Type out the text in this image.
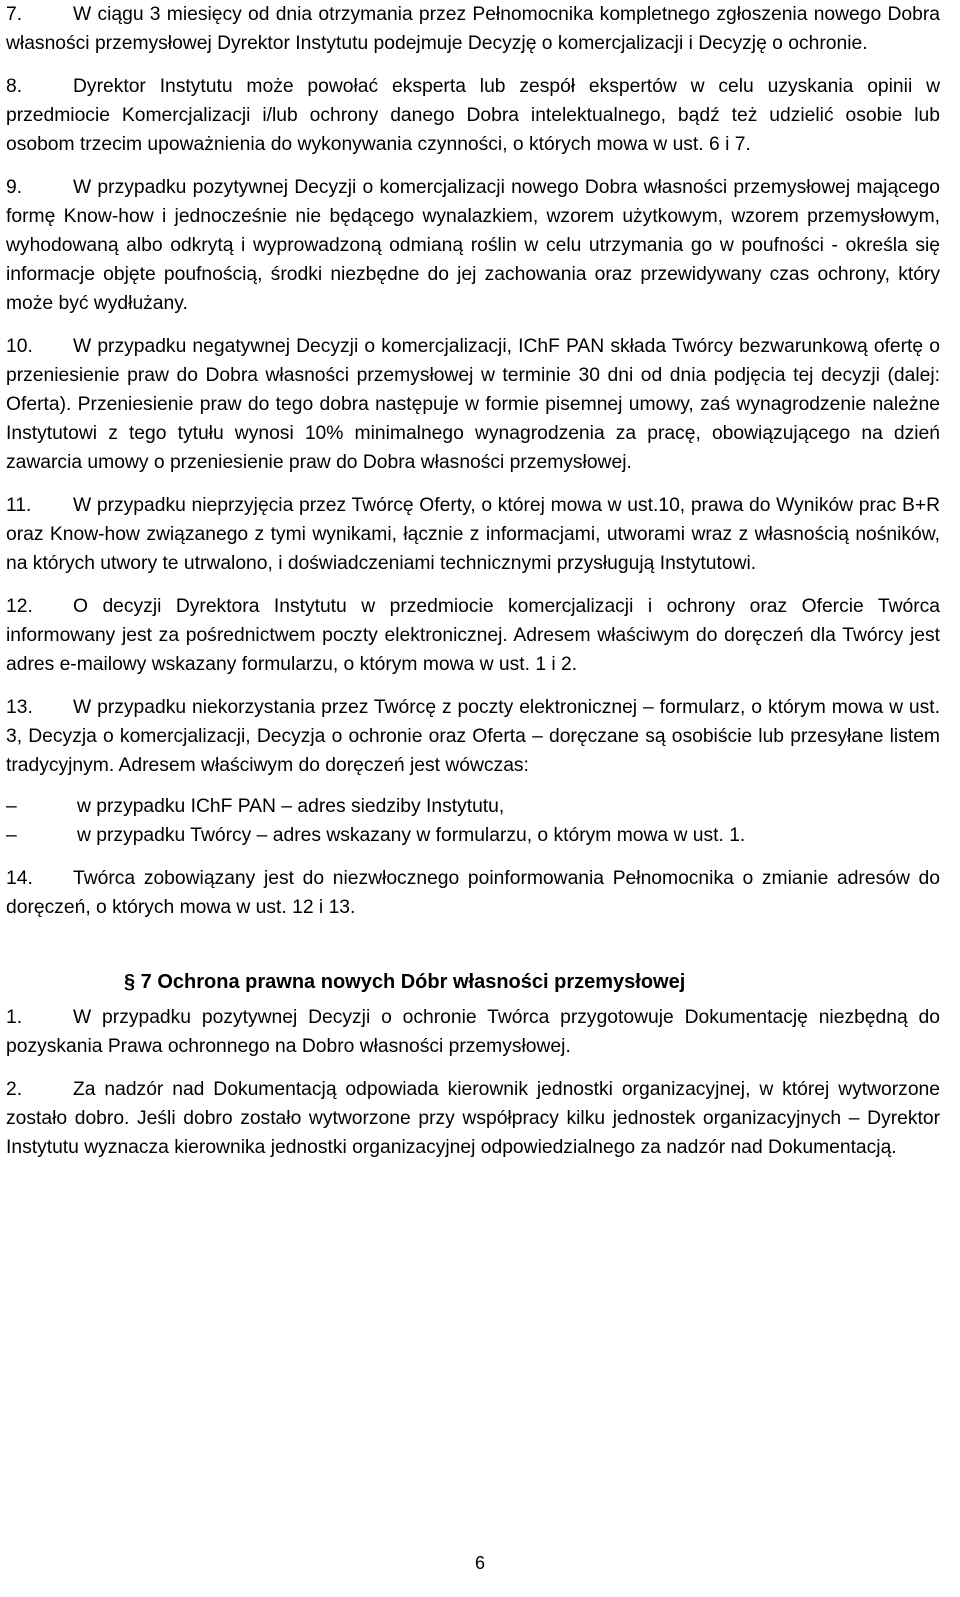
7.	W ciągu 3 miesięcy od dnia otrzymania przez Pełnomocnika kompletnego zgłoszenia nowego Dobra własności przemysłowej Dyrektor Instytutu podejmuje Decyzję o komercjalizacji i Decyzję o ochronie.

8.	Dyrektor Instytutu może powołać eksperta lub zespół ekspertów w celu uzyskania opinii w przedmiocie Komercjalizacji i/lub ochrony danego Dobra intelektualnego, bądź też udzielić osobie lub osobom trzecim upoważnienia do wykonywania czynności, o których mowa w ust. 6 i 7.

9.	W przypadku pozytywnej Decyzji o komercjalizacji nowego Dobra własności przemysłowej mającego formę Know-how i jednocześnie nie będącego wynalazkiem, wzorem użytkowym, wzorem przemysłowym, wyhodowaną albo odkrytą i wyprowadzoną odmianą roślin w celu utrzymania go w poufności - określa się informacje objęte poufnością, środki niezbędne do jej zachowania oraz przewidywany czas ochrony, który może być wydłużany.

10. W przypadku negatywnej Decyzji o komercjalizacji, IChF PAN składa Twórcy bezwarunkową ofertę o przeniesienie praw do Dobra własności przemysłowej w terminie 30 dni od dnia podjęcia tej decyzji (dalej: Oferta). Przeniesienie praw do tego dobra następuje w formie pisemnej umowy, zaś wynagrodzenie należne Instytutowi z tego tytułu wynosi 10% minimalnego wynagrodzenia za pracę, obowiązującego na dzień zawarcia umowy o przeniesienie praw do Dobra własności przemysłowej.

11. W przypadku nieprzyjęcia przez Twórcę Oferty, o której mowa w ust.10, prawa do Wyników prac B+R oraz Know-how związanego z tymi wynikami, łącznie z informacjami, utworami wraz z własnością nośników, na których utwory te utrwalono, i doświadczeniami technicznymi przysługują Instytutowi.

12. O decyzji Dyrektora Instytutu w przedmiocie komercjalizacji i ochrony oraz Ofercie Twórca informowany jest za pośrednictwem poczty elektronicznej. Adresem właściwym do doręczeń dla Twórcy jest adres e-mailowy wskazany formularzu, o którym mowa w ust. 1 i 2.

13. W przypadku niekorzystania przez Twórcę z poczty elektronicznej – formularz, o którym mowa w ust. 3, Decyzja o komercjalizacji, Decyzja o ochronie oraz Oferta – doręczane są osobiście lub przesyłane listem tradycyjnym. Adresem właściwym do doręczeń jest wówczas:

–	w przypadku IChF PAN – adres siedziby Instytutu,
–	w przypadku Twórcy – adres wskazany w formularzu, o którym mowa w ust. 1.

14. Twórca zobowiązany jest do niezwłocznego poinformowania Pełnomocnika o zmianie adresów do doręczeń, o których mowa w ust. 12 i 13.

§ 7 Ochrona prawna nowych Dóbr własności przemysłowej

1.	W przypadku pozytywnej Decyzji o ochronie Twórca przygotowuje Dokumentację niezbędną do pozyskania Prawa ochronnego na Dobro własności przemysłowej.

2.	Za nadzór nad Dokumentacją odpowiada kierownik jednostki organizacyjnej, w której wytworzone zostało dobro. Jeśli dobro zostało wytworzone przy współpracy kilku jednostek organizacyjnych – Dyrektor Instytutu wyznacza kierownika jednostki organizacyjnej odpowiedzialnego za nadzór nad Dokumentacją.

6
